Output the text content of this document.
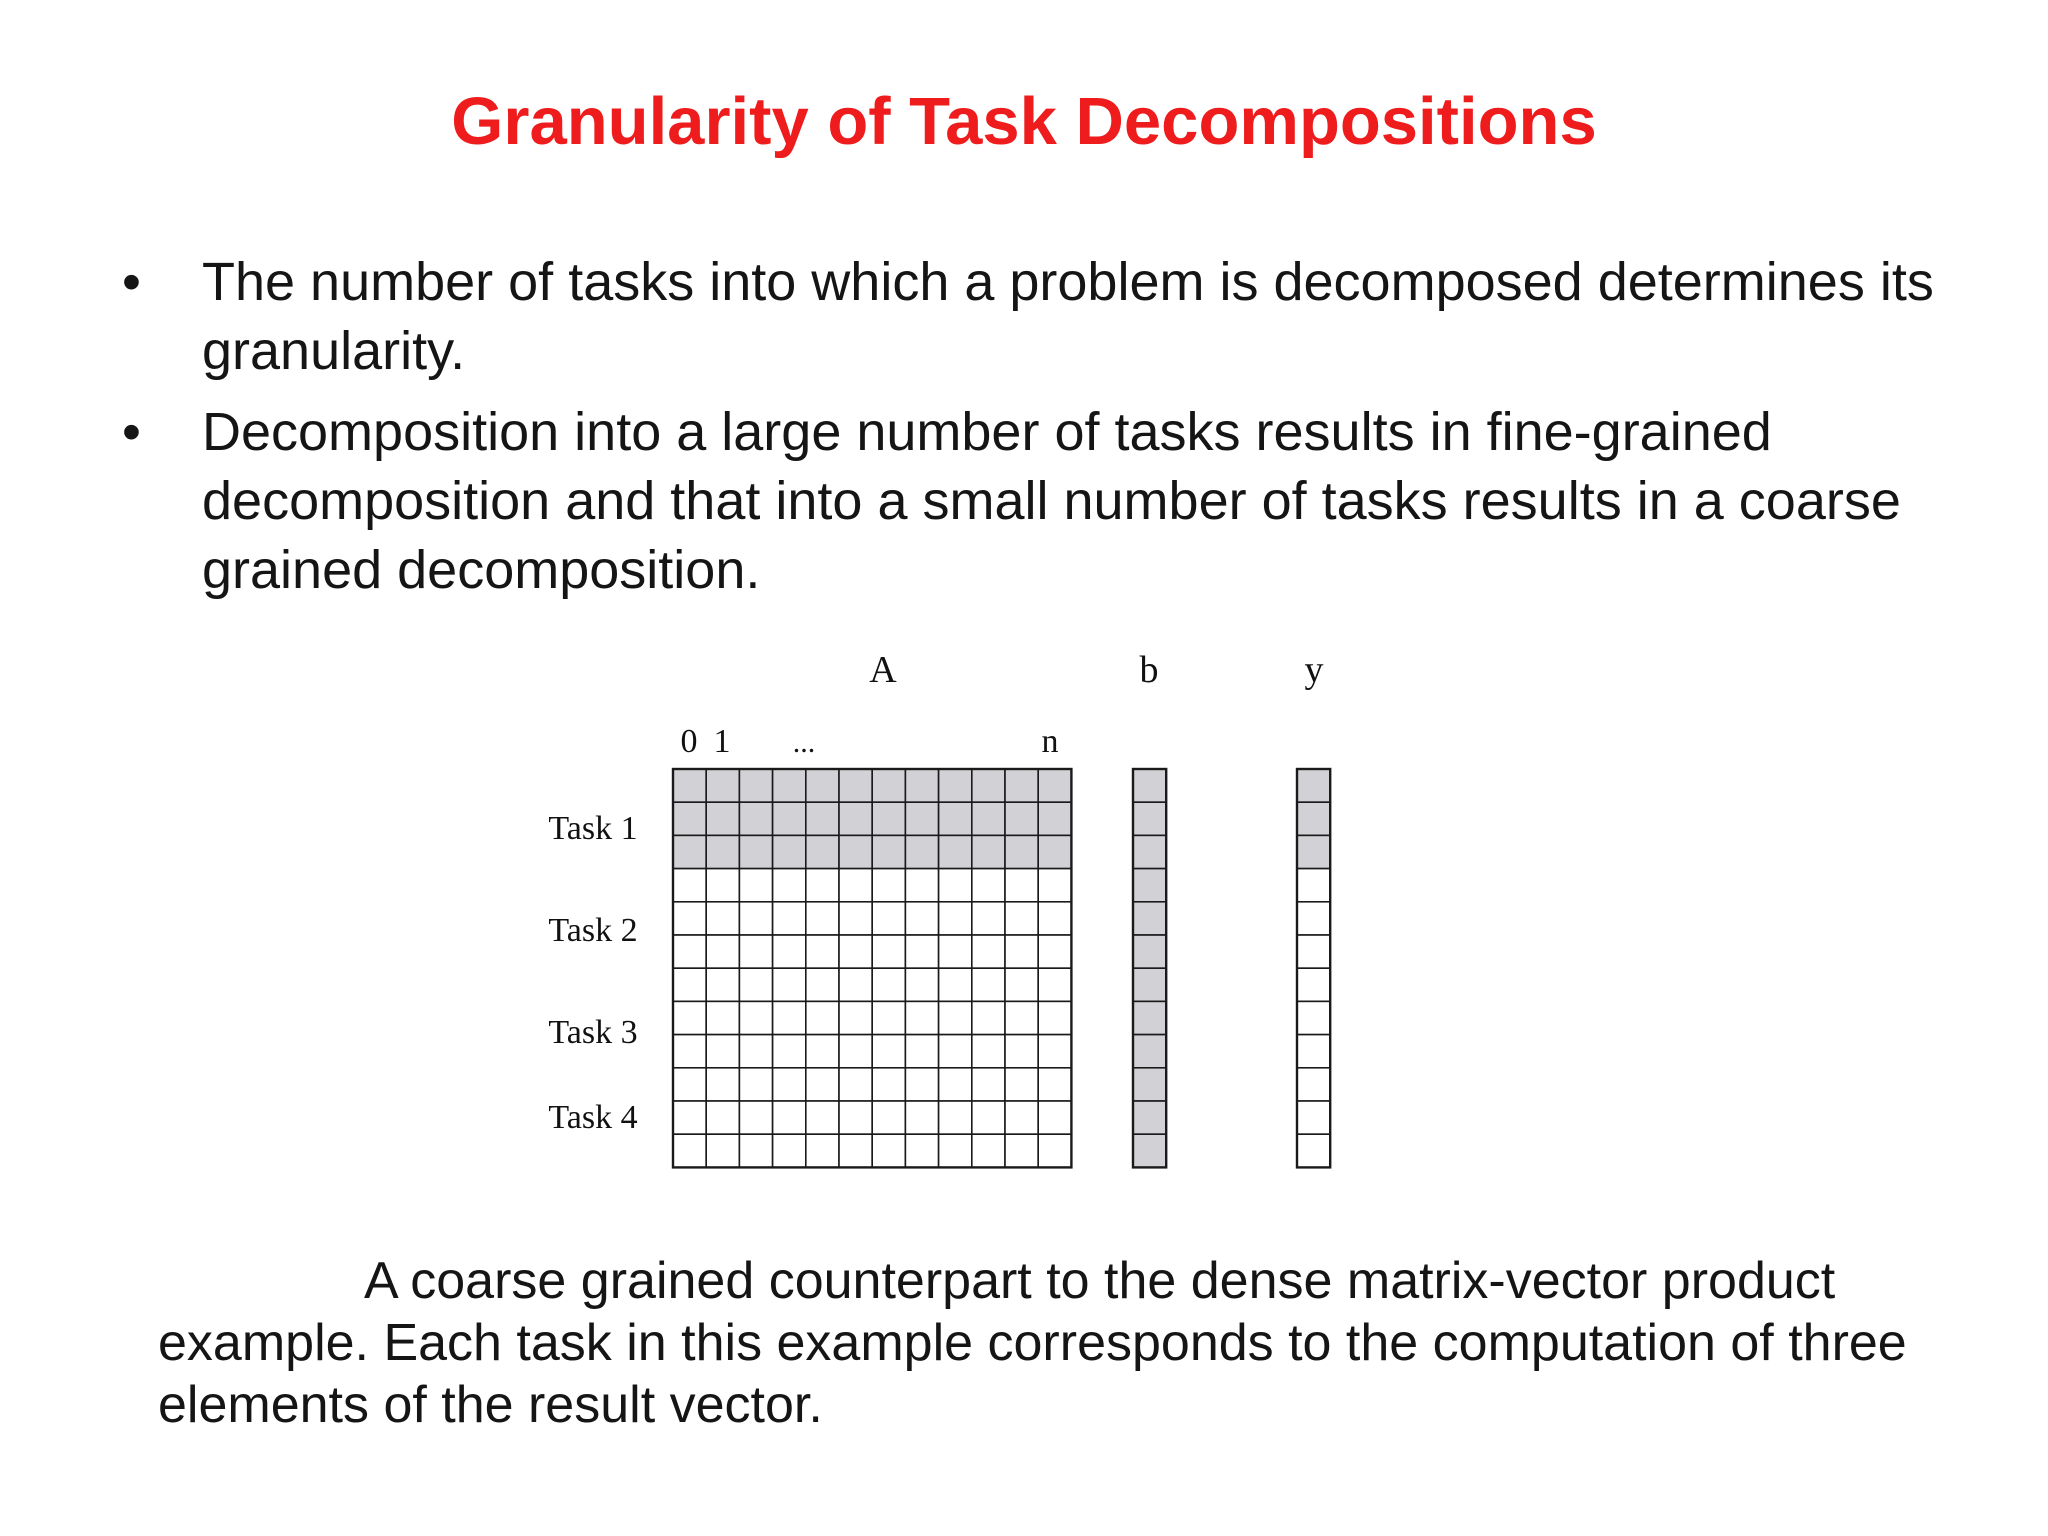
Granularity of Task Decompositions
•	The number of tasks into which a problem is decomposed determines its granularity.
•	Decomposition into a large number of tasks results in fine-grained decomposition and that into a small number of tasks results in a coarse grained decomposition.
A	b	y
0 1 ...	n
Task 1
Task 2
Task 3
Task 4

A coarse grained counterpart to the dense matrix-vector product example. Each task in this example corresponds to the computation of three elements of the result vector.
